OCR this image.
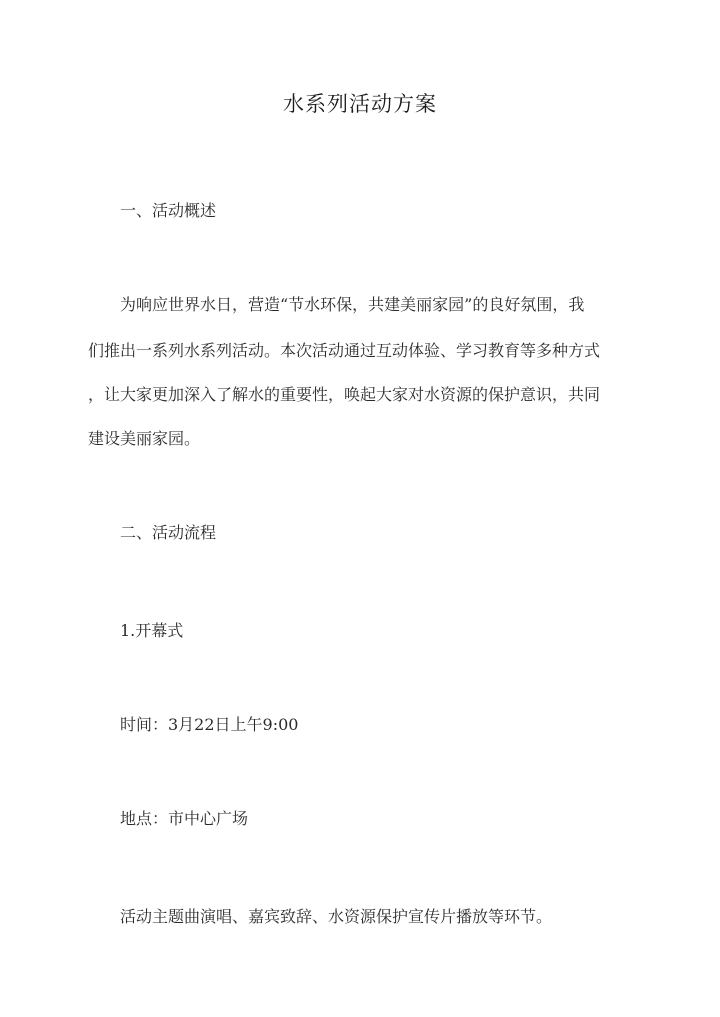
水系列活动方案
一、活动概述
为响应世界水日，营造“节水环保，共建美丽家园”的良好氛围，我
们推出一系列水系列活动。本次活动通过互动体验、学习教育等多种方式
，让大家更加深入了解水的重要性，唤起大家对水资源的保护意识，共同
建设美丽家园。
二、活动流程
1.开幕式
时间：3月22日上午9:00
地点：市中心广场
活动主题曲演唱、嘉宾致辞、水资源保护宣传片播放等环节。
